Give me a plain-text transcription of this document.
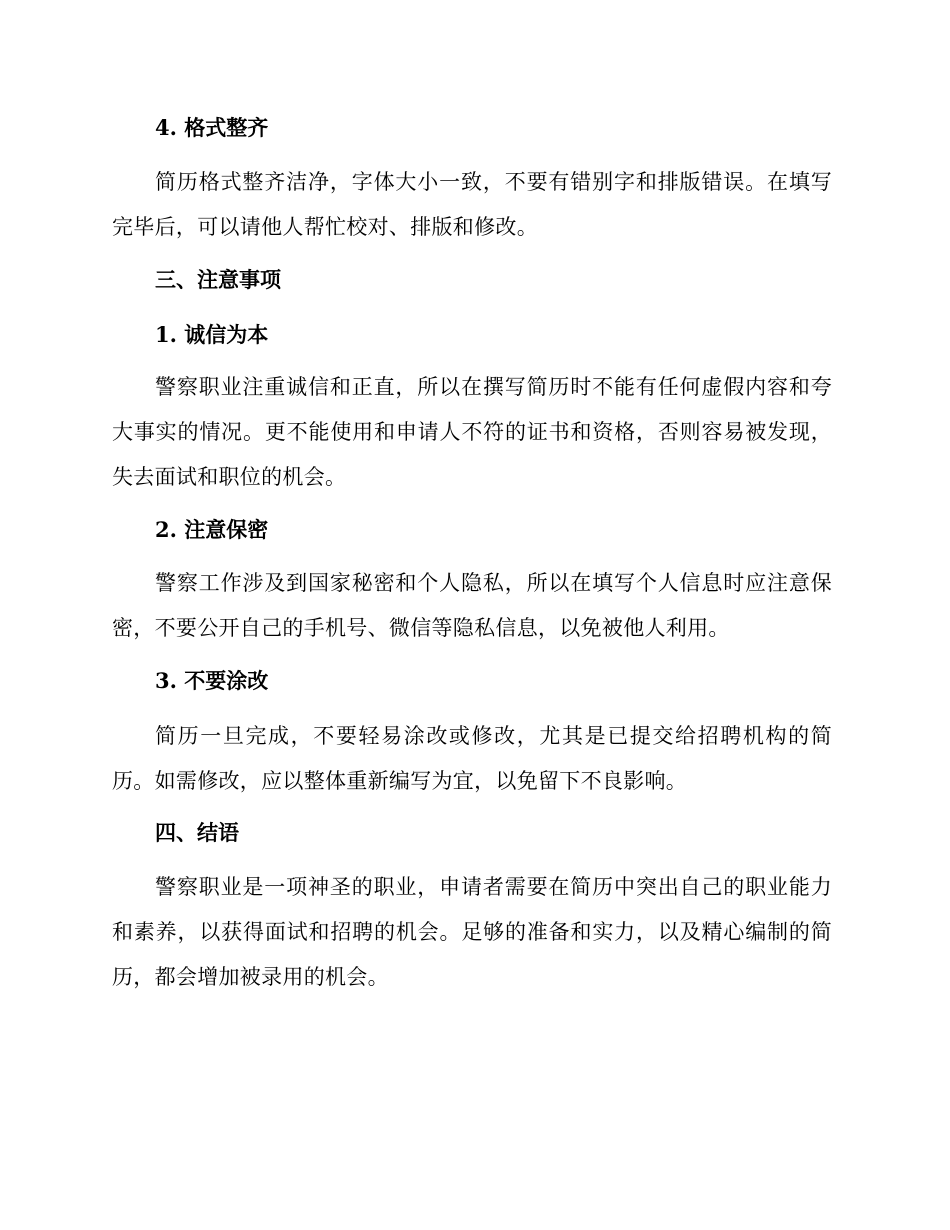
4. 格式整齐
简历格式整齐洁净，字体大小一致，不要有错别字和排版错误。在填写完毕后，可以请他人帮忙校对、排版和修改。
三、注意事项
1. 诚信为本
警察职业注重诚信和正直，所以在撰写简历时不能有任何虚假内容和夸大事实的情况。更不能使用和申请人不符的证书和资格，否则容易被发现，失去面试和职位的机会。
2. 注意保密
警察工作涉及到国家秘密和个人隐私，所以在填写个人信息时应注意保密，不要公开自己的手机号、微信等隐私信息，以免被他人利用。
3. 不要涂改
简历一旦完成，不要轻易涂改或修改，尤其是已提交给招聘机构的简历。如需修改，应以整体重新编写为宜，以免留下不良影响。
四、结语
警察职业是一项神圣的职业，申请者需要在简历中突出自己的职业能力和素养，以获得面试和招聘的机会。足够的准备和实力，以及精心编制的简历，都会增加被录用的机会。
